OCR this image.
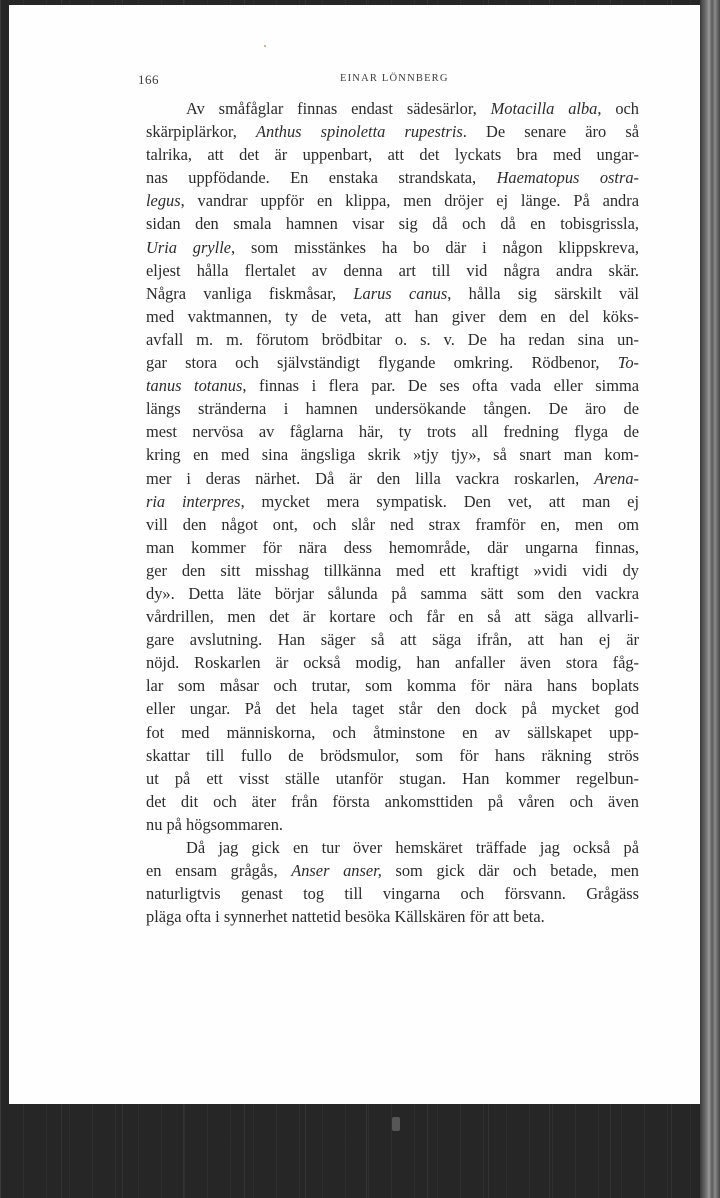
166	EINAR LÖNNBERG
Av småfåglar finnas endast sädesärlor, Motacilla alba, och
skärpiplärkor, Anthus spinoletta rupestris. De senare äro så
talrika, att det är uppenbart, att det lyckats bra med ungar-
nas uppfödande. En enstaka strandskata, Haematopus ostra-
legus, vandrar uppför en klippa, men dröjer ej länge. På andra
sidan den smala hamnen visar sig då och då en tobisgrissla,
Uria grylle, som misstänkes ha bo där i någon klippskreva,
eljest hålla flertalet av denna art till vid några andra skär.
Några vanliga fiskmåsar, Larus canus, hålla sig särskilt väl
med vaktmannen, ty de veta, att han giver dem en del köks-
avfall m. m. förutom brödbitar o. s. v. De ha redan sina un-
gar stora och självständigt flygande omkring. Rödbenor, To-
tanus totanus, finnas i flera par. De ses ofta vada eller simma
längs stränderna i hamnen undersökande tången. De äro de
mest nervösa av fåglarna här, ty trots all fredning flyga de
kring en med sina ängsliga skrik »tjy tjy», så snart man kom-
mer i deras närhet. Då är den lilla vackra roskarlen, Arena-
ria interpres, mycket mera sympatisk. Den vet, att man ej
vill den något ont, och slår ned strax framför en, men om
man kommer för nära dess hemområde, där ungarna finnas,
ger den sitt misshag tillkänna med ett kraftigt »vidi vidi dy
dy». Detta läte börjar sålunda på samma sätt som den vackra
vårdrillen, men det är kortare och får en så att säga allvarli-
gare avslutning. Han säger så att säga ifrån, att han ej är
nöjd. Roskarlen är också modig, han anfaller även stora fåg-
lar som måsar och trutar, som komma för nära hans boplats
eller ungar. På det hela taget står den dock på mycket god
fot med människorna, och åtminstone en av sällskapet upp-
skattar till fullo de brödsmulor, som för hans räkning strös
ut på ett visst ställe utanför stugan. Han kommer regelbun-
det dit och äter från första ankomsttiden på våren och även
nu på högsommaren.
Då jag gick en tur över hemskäret träffade jag också på
en ensam grågås, Anser anser, som gick där och betade, men
naturligtvis genast tog till vingarna och försvann. Grågäss
pläga ofta i synnerhet nattetid besöka Källskären för att beta.
